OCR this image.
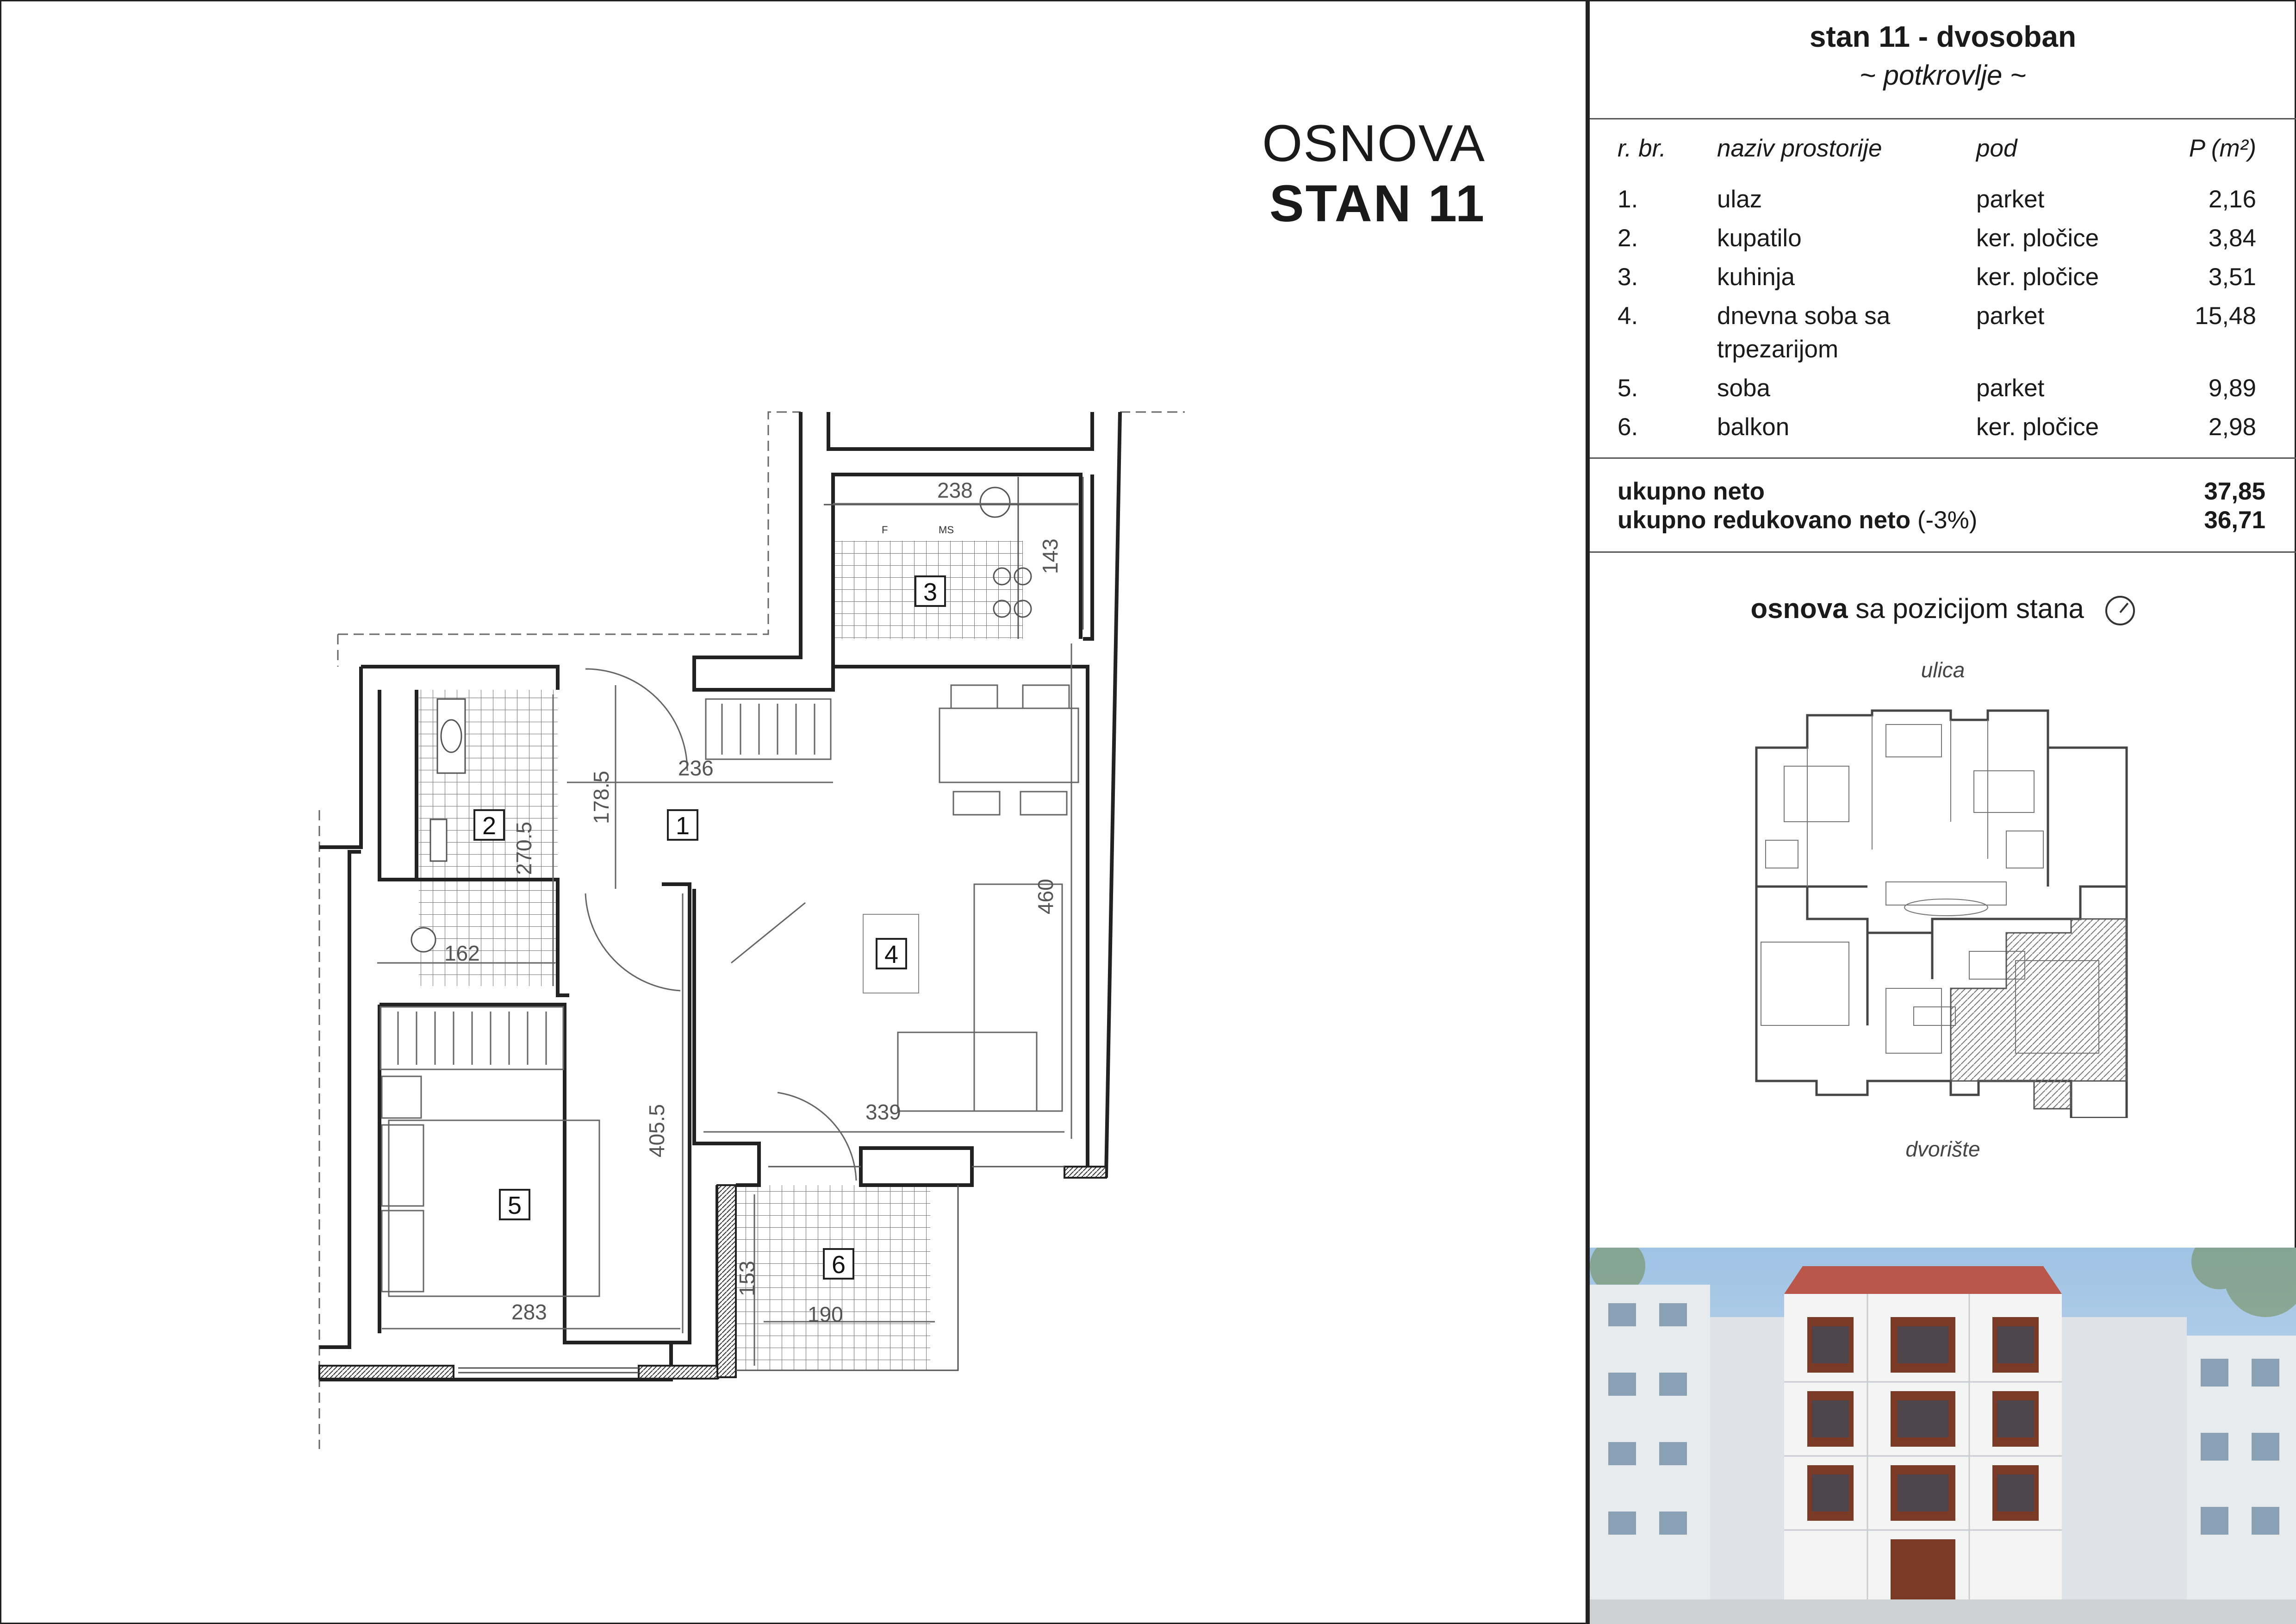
OSNOVA
STAN 11
F	MS
238
143
236
178.5
270.5
162
460
339
405.5
283
153
190
1
2
3
4
5
6
stan 11 - dvosoban
~ potkrovlje ~
r. br.	naziv prostorije	pod	P (m²)
1.	ulaz	parket	2,16
2.	kupatilo	ker. pločice	3,84
3.	kuhinja	ker. pločice	3,51
4.	dnevna soba sa
trpezarijom	parket	15,48
5.	soba	parket	9,89
6.	balkon	ker. pločice	2,98
ukupno neto	37,85
ukupno redukovano neto (-3%)	36,71
osnova sa pozicijom stana
ulica
dvorište
